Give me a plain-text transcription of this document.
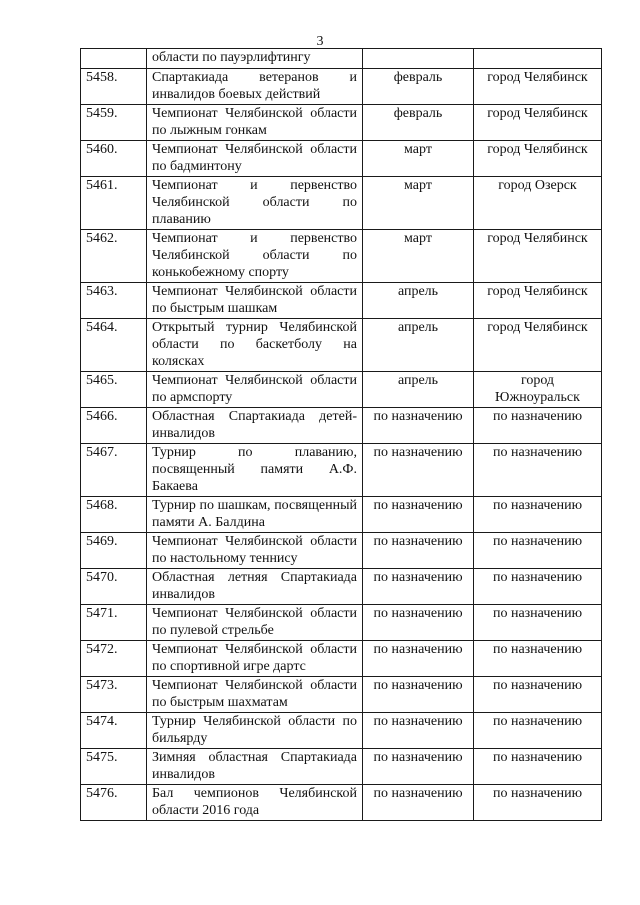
3
	области по пауэрлифтингу		
5458.	Спартакиада ветеранов и инвалидов боевых действий	февраль	город Челябинск
5459.	Чемпионат Челябинской области по лыжным гонкам	февраль	город Челябинск
5460.	Чемпионат Челябинской области по бадминтону	март	город Челябинск
5461.	Чемпионат и первенство Челябинской области по плаванию	март	город Озерск
5462.	Чемпионат и первенство Челябинской области по конькобежному спорту	март	город Челябинск
5463.	Чемпионат Челябинской области по быстрым шашкам	апрель	город Челябинск
5464.	Открытый турнир Челябинской области по баскетболу на колясках	апрель	город Челябинск
5465.	Чемпионат Челябинской области по армспорту	апрель	город Южноуральск
5466.	Областная Спартакиада детей-инвалидов	по назначению	по назначению
5467.	Турнир по плаванию, посвященный памяти А.Ф. Бакаева	по назначению	по назначению
5468.	Турнир по шашкам, посвященный памяти А. Балдина	по назначению	по назначению
5469.	Чемпионат Челябинской области по настольному теннису	по назначению	по назначению
5470.	Областная летняя Спартакиада инвалидов	по назначению	по назначению
5471.	Чемпионат Челябинской области по пулевой стрельбе	по назначению	по назначению
5472.	Чемпионат Челябинской области по спортивной игре дартс	по назначению	по назначению
5473.	Чемпионат Челябинской области по быстрым шахматам	по назначению	по назначению
5474.	Турнир Челябинской области по бильярду	по назначению	по назначению
5475.	Зимняя областная Спартакиада инвалидов	по назначению	по назначению
5476.	Бал чемпионов Челябинской области 2016 года	по назначению	по назначению
